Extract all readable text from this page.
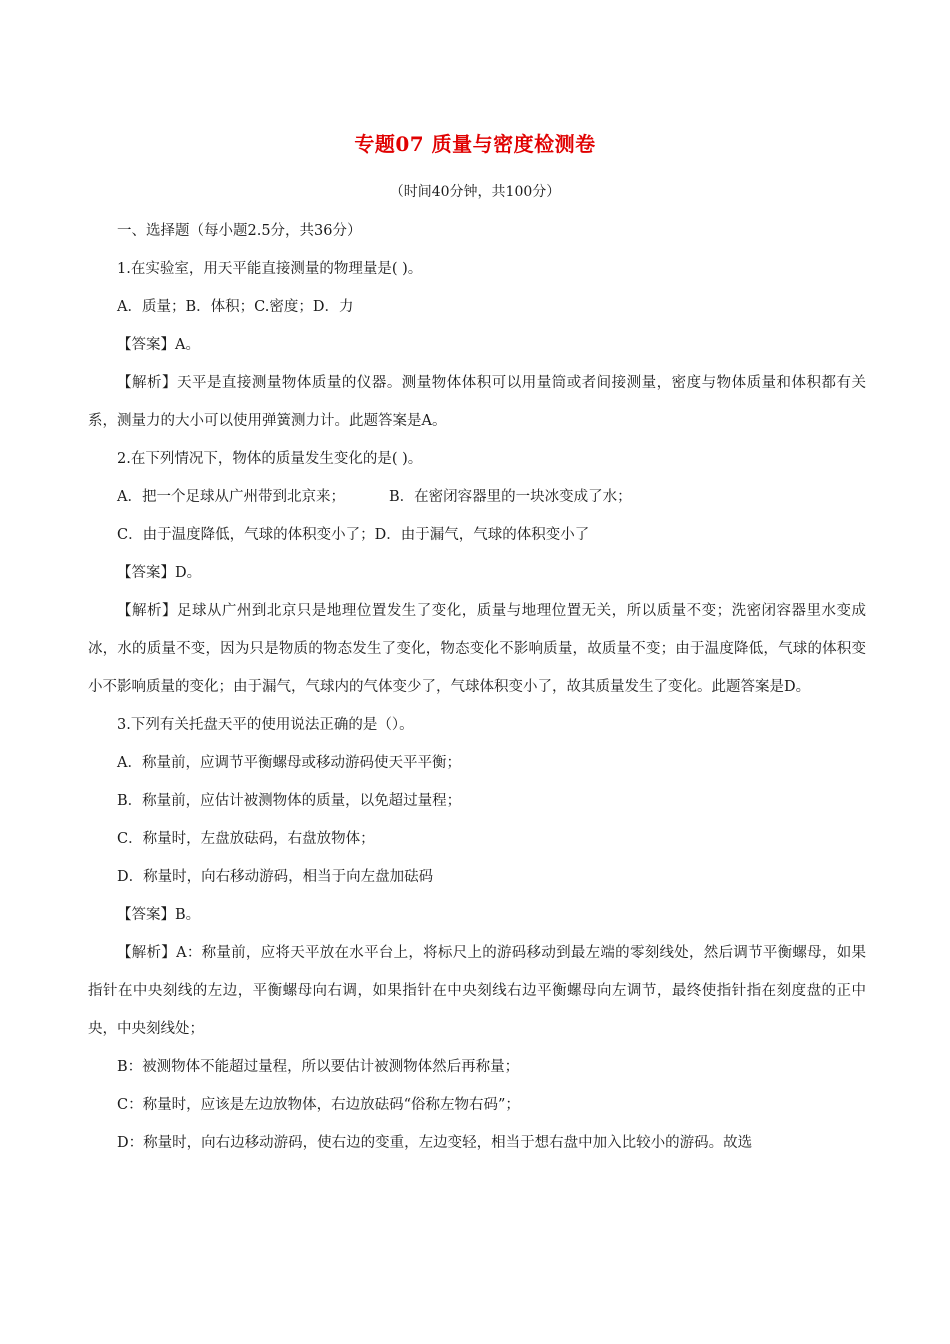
专题07 质量与密度检测卷
（时间40分钟，共100分）
一、选择题（每小题2.5分，共36分）
1.在实验室，用天平能直接测量的物理量是( )。
A．质量；B．体积；C.密度；D．力
【答案】A。
【解析】天平是直接测量物体质量的仪器。测量物体体积可以用量筒或者间接测量，密度与物体质量和体积都有关系，测量力的大小可以使用弹簧测力计。此题答案是A。
2.在下列情况下，物体的质量发生变化的是( )。
A．把一个足球从广州带到北京来；	B．在密闭容器里的一块冰变成了水；
C．由于温度降低，气球的体积变小了；D．由于漏气，气球的体积变小了
【答案】D。
【解析】足球从广州到北京只是地理位置发生了变化，质量与地理位置无关，所以质量不变；洗密闭容器里水变成冰，水的质量不变，因为只是物质的物态发生了变化，物态变化不影响质量，故质量不变；由于温度降低，气球的体积变小不影响质量的变化；由于漏气，气球内的气体变少了，气球体积变小了，故其质量发生了变化。此题答案是D。
3.下列有关托盘天平的使用说法正确的是（）。
A．称量前，应调节平衡螺母或移动游码使天平平衡；
B．称量前，应估计被测物体的质量，以免超过量程；
C．称量时，左盘放砝码，右盘放物体；
D．称量时，向右移动游码，相当于向左盘加砝码
【答案】B。
【解析】A：称量前，应将天平放在水平台上，将标尺上的游码移动到最左端的零刻线处，然后调节平衡螺母，如果指针在中央刻线的左边，平衡螺母向右调，如果指针在中央刻线右边平衡螺母向左调节，最终使指针指在刻度盘的正中央，中央刻线处；
B：被测物体不能超过量程，所以要估计被测物体然后再称量；
C：称量时，应该是左边放物体，右边放砝码“俗称左物右码”；
D：称量时，向右边移动游码，使右边的变重，左边变轻，相当于想右盘中加入比较小的游码。故选
